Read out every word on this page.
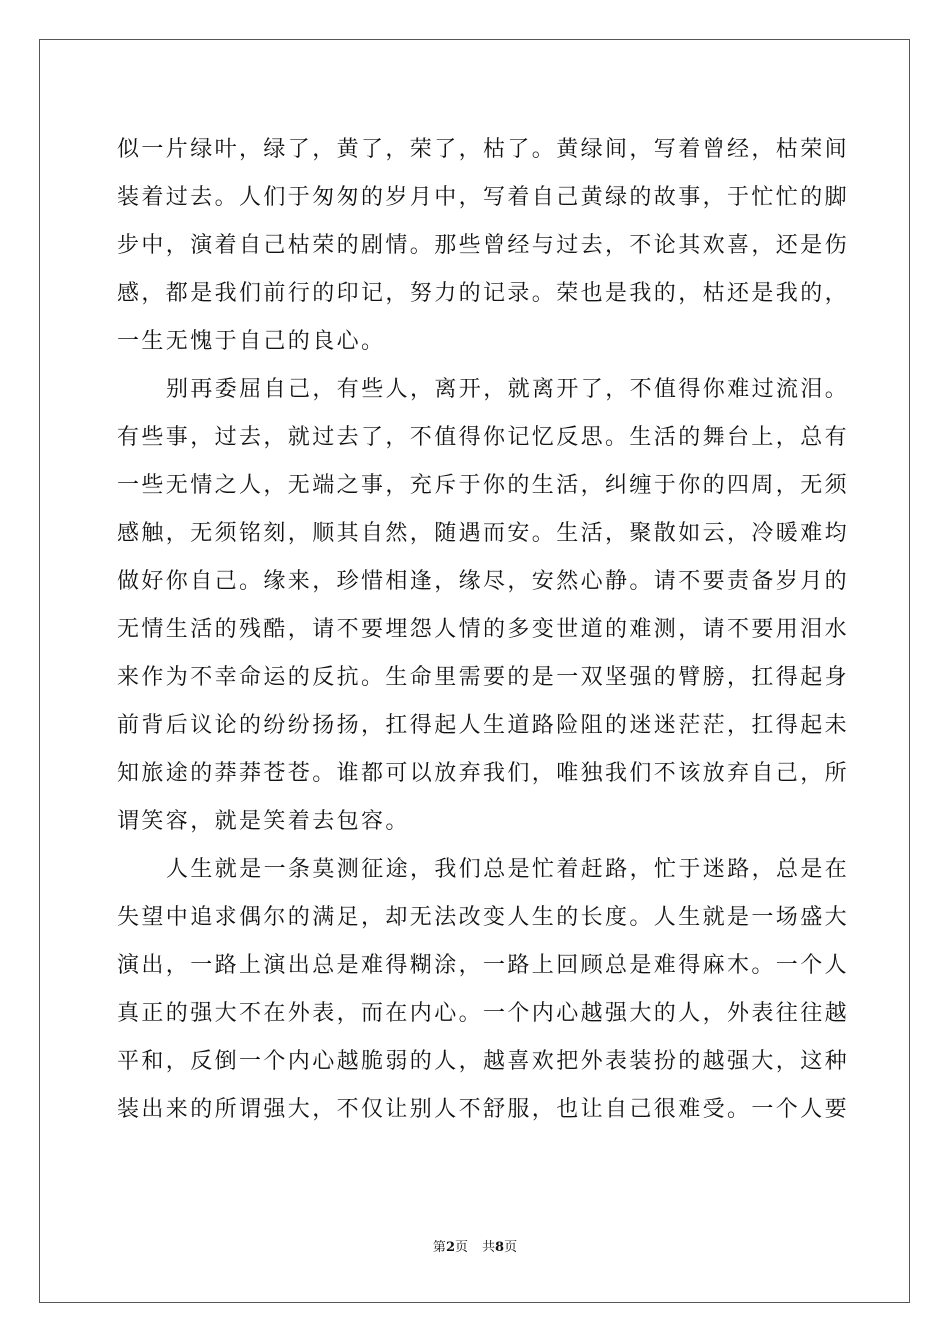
似一片绿叶，绿了，黄了，荣了，枯了。黄绿间，写着曾经，枯荣间
装着过去。人们于匆匆的岁月中，写着自己黄绿的故事，于忙忙的脚
步中，演着自己枯荣的剧情。那些曾经与过去，不论其欢喜，还是伤
感，都是我们前行的印记，努力的记录。荣也是我的，枯还是我的，
一生无愧于自己的良心。
别再委屈自己，有些人，离开，就离开了，不值得你难过流泪。
有些事，过去，就过去了，不值得你记忆反思。生活的舞台上，总有
一些无情之人，无端之事，充斥于你的生活，纠缠于你的四周，无须
感触，无须铭刻，顺其自然，随遇而安。生活，聚散如云，冷暖难均
做好你自己。缘来，珍惜相逢，缘尽，安然心静。请不要责备岁月的
无情生活的残酷，请不要埋怨人情的多变世道的难测，请不要用泪水
来作为不幸命运的反抗。生命里需要的是一双坚强的臂膀，扛得起身
前背后议论的纷纷扬扬，扛得起人生道路险阻的迷迷茫茫，扛得起未
知旅途的莽莽苍苍。谁都可以放弃我们，唯独我们不该放弃自己，所
谓笑容，就是笑着去包容。
人生就是一条莫测征途，我们总是忙着赶路，忙于迷路，总是在
失望中追求偶尔的满足，却无法改变人生的长度。人生就是一场盛大
演出，一路上演出总是难得糊涂，一路上回顾总是难得麻木。一个人
真正的强大不在外表，而在内心。一个内心越强大的人，外表往往越
平和，反倒一个内心越脆弱的人，越喜欢把外表装扮的越强大，这种
装出来的所谓强大，不仅让别人不舒服，也让自己很难受。一个人要
第2页 共8页
